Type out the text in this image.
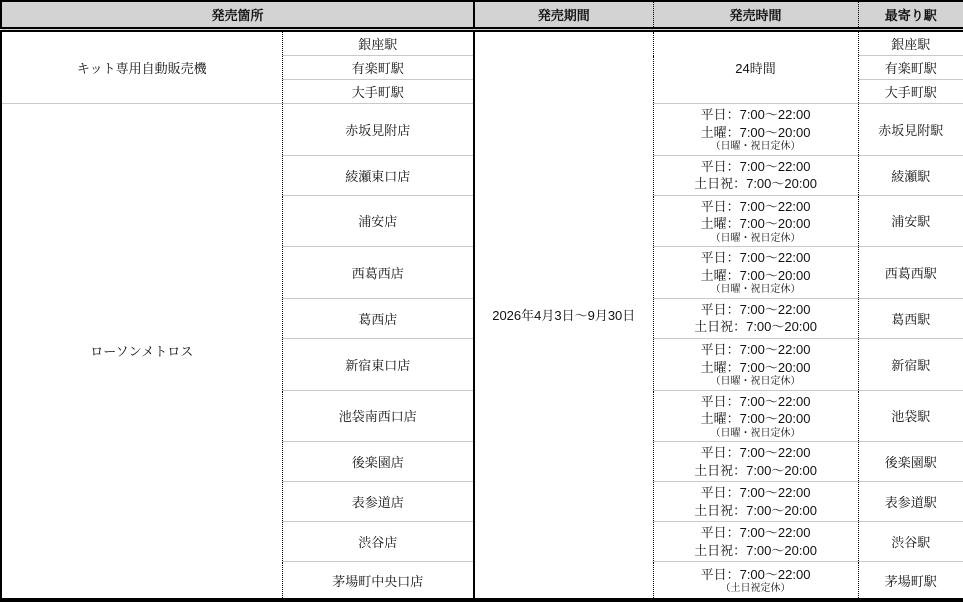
発売箇所		発売期間	発売時間	最寄り駅
キット専用自動販売機	銀座駅	2026年4月3日～9月30日	24時間	銀座駅
	有楽町駅			有楽町駅
	大手町駅			大手町駅
ローソンメトロス	赤坂見附店		平日：7:00～22:00
土曜：7:00～20:00
（日曜・祝日定休）	赤坂見附駅
	綾瀬東口店		平日：7:00～22:00
土日祝：7:00～20:00	綾瀬駅
	浦安店		平日：7:00～22:00
土曜：7:00～20:00
（日曜・祝日定休）	浦安駅
	西葛西店		平日：7:00～22:00
土曜：7:00～20:00
（日曜・祝日定休）	西葛西駅
	葛西店		平日：7:00～22:00
土日祝：7:00～20:00	葛西駅
	新宿東口店		平日：7:00～22:00
土曜：7:00～20:00
（日曜・祝日定休）	新宿駅
	池袋南西口店		平日：7:00～22:00
土曜：7:00～20:00
（日曜・祝日定休）	池袋駅
	後楽園店		平日：7:00～22:00
土日祝：7:00～20:00	後楽園駅
	表参道店		平日：7:00～22:00
土日祝：7:00～20:00	表参道駅
	渋谷店		平日：7:00～22:00
土日祝：7:00～20:00	渋谷駅
	茅場町中央口店		平日：7:00～22:00
（土日祝定休）	茅場町駅
